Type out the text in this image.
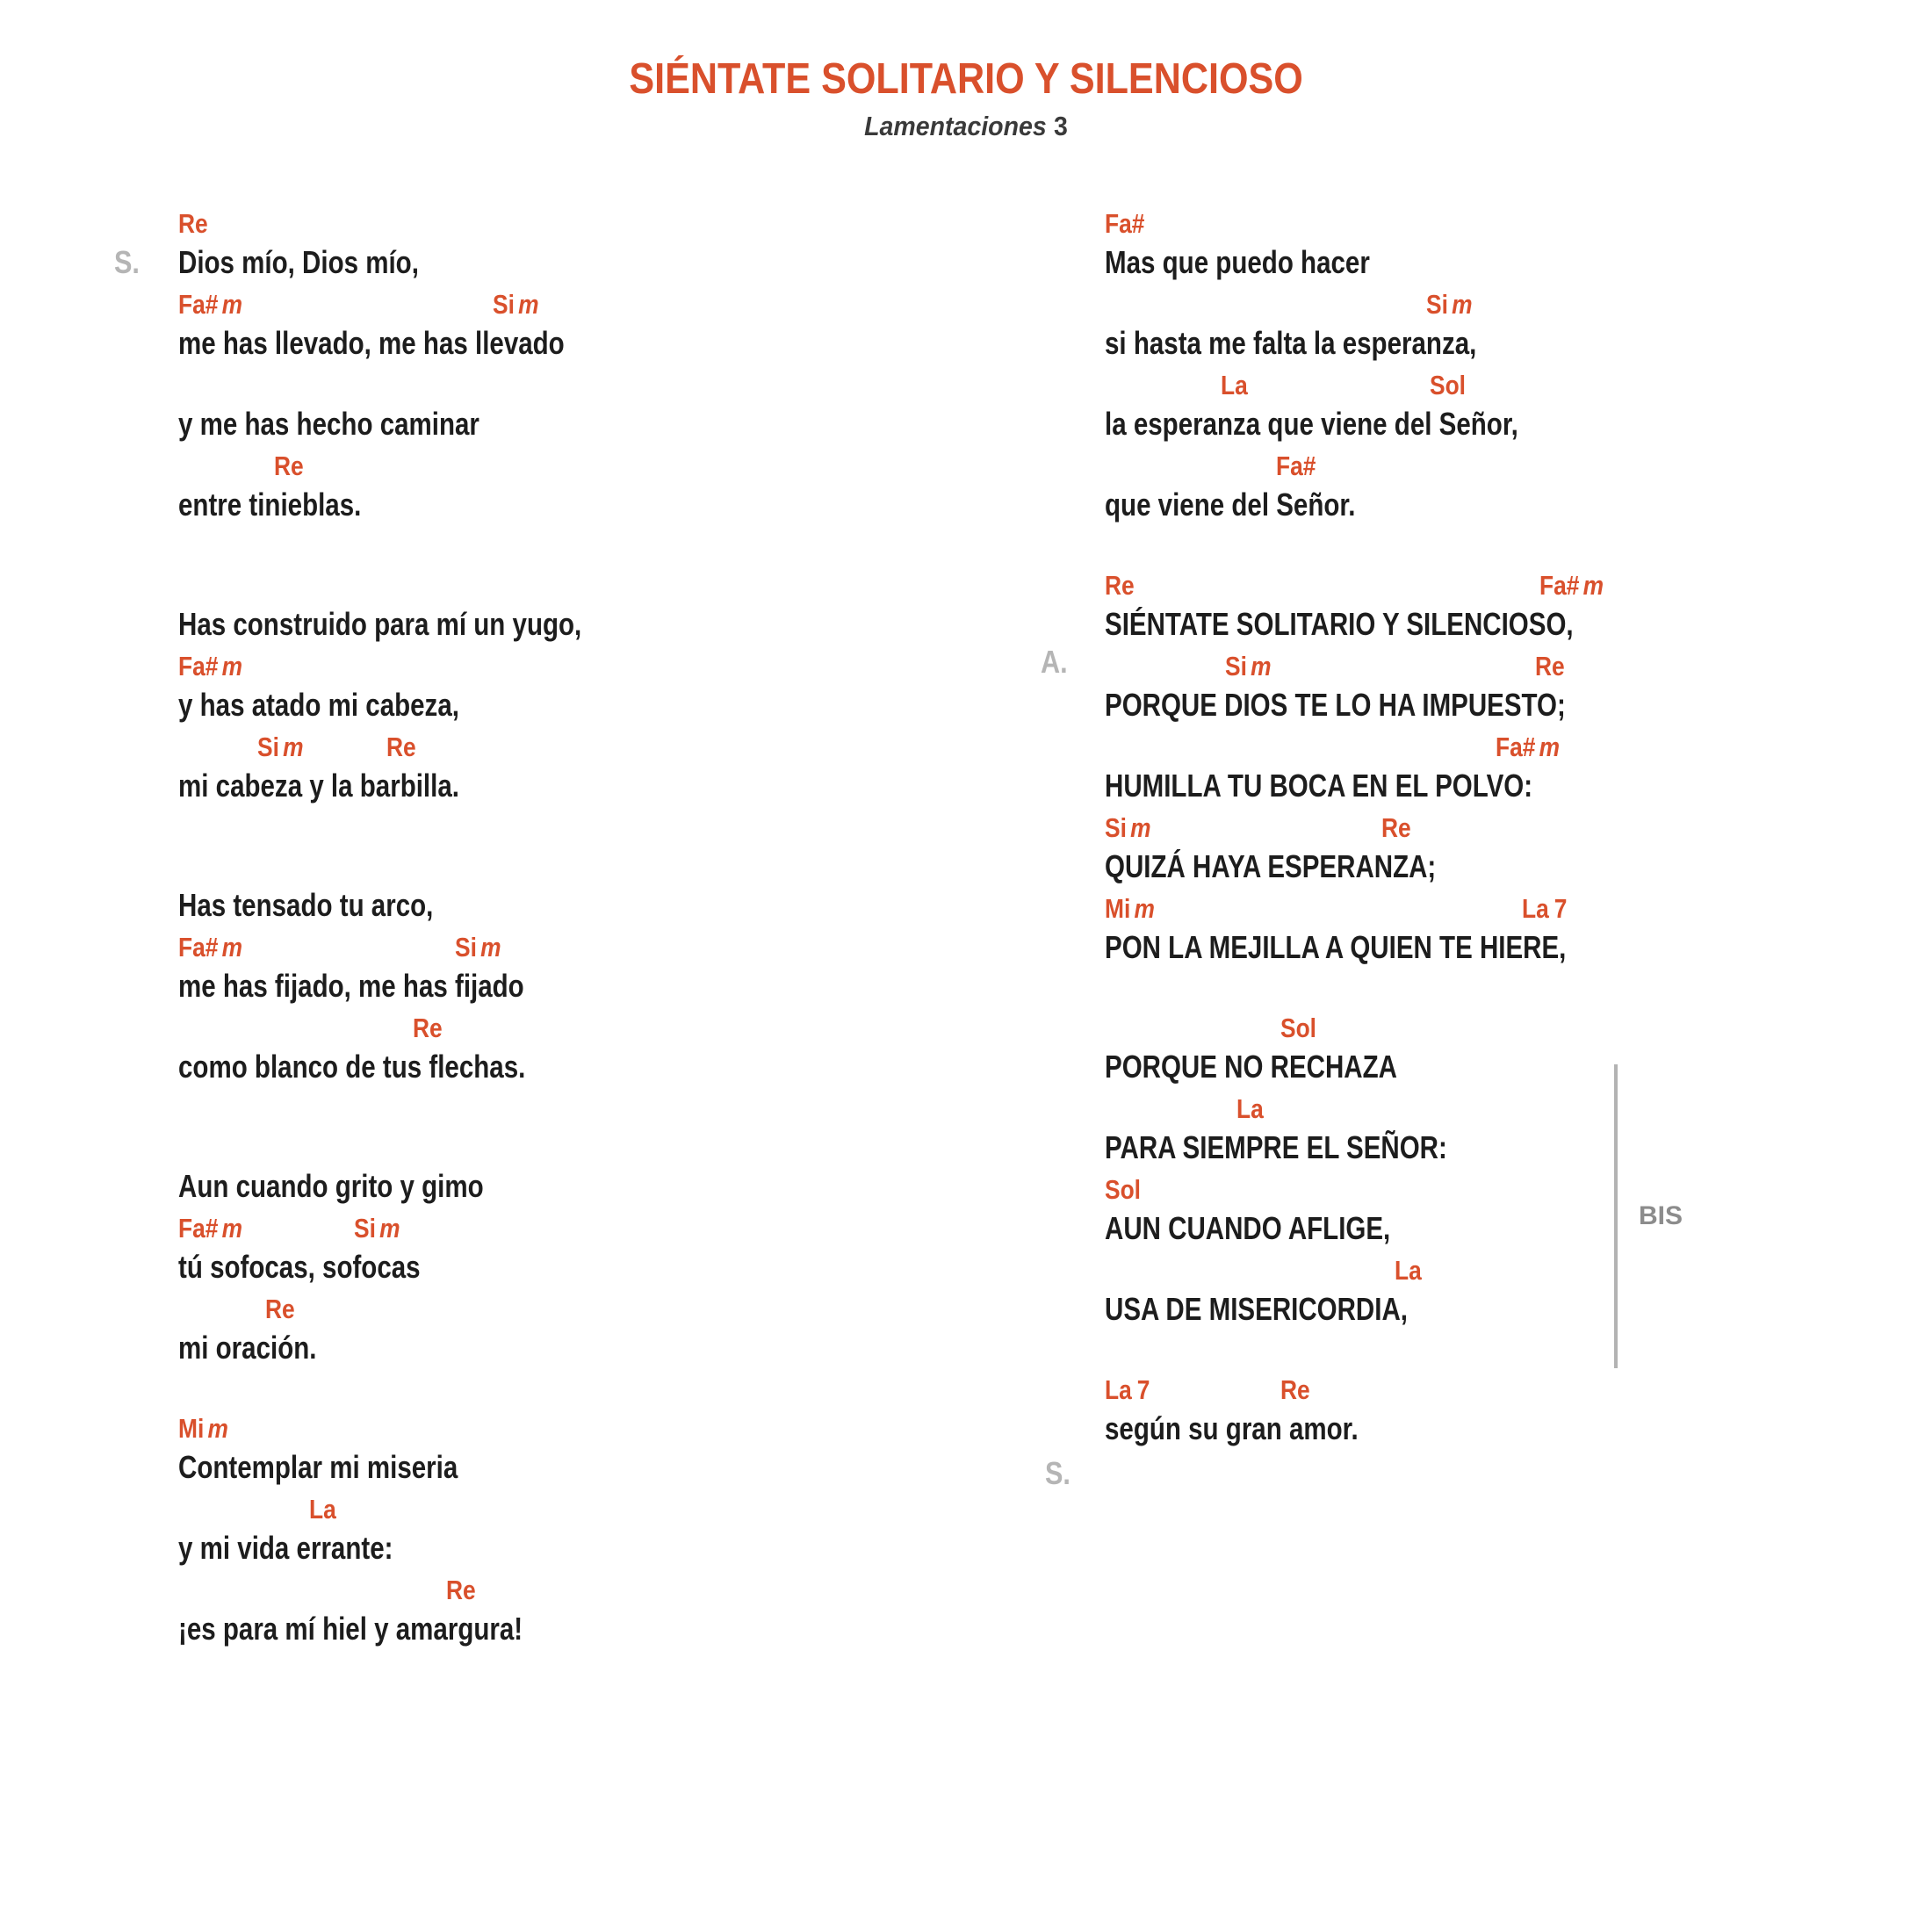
SIÉNTATE SOLITARIO Y SILENCIOSO
Lamentaciones 3
S.
A.
S.
BIS
Re
Dios mío, Dios mío,
Fa# m	Si m
me has llevado, me has llevado
y me has hecho caminar
Re
entre tinieblas.
Has construido para mí un yugo,
Fa# m
y has atado mi cabeza,
Si m	Re
mi cabeza y la barbilla.
Has tensado tu arco,
Fa# m	Si m
me has fijado, me has fijado
Re
como blanco de tus flechas.
Aun cuando grito y gimo
Fa# m	Si m
tú sofocas, sofocas
Re
mi oración.
Mi m
Contemplar mi miseria
La
y mi vida errante:
Re
¡es para mí hiel y amargura!
Fa#
Mas que puedo hacer
Si m
si hasta me falta la esperanza,
La	Sol
la esperanza que viene del Señor,
Fa#
que viene del Señor.
Re	Fa# m
SIÉNTATE SOLITARIO Y SILENCIOSO,
Si m	Re
PORQUE DIOS TE LO HA IMPUESTO;
Fa# m
HUMILLA TU BOCA EN EL POLVO:
Si m	Re
QUIZÁ HAYA ESPERANZA;
Mi m	La 7
PON LA MEJILLA A QUIEN TE HIERE,
Sol
PORQUE NO RECHAZA
La
PARA SIEMPRE EL SEÑOR:
Sol
AUN CUANDO AFLIGE,
La
USA DE MISERICORDIA,
La 7	Re
según su gran amor.
